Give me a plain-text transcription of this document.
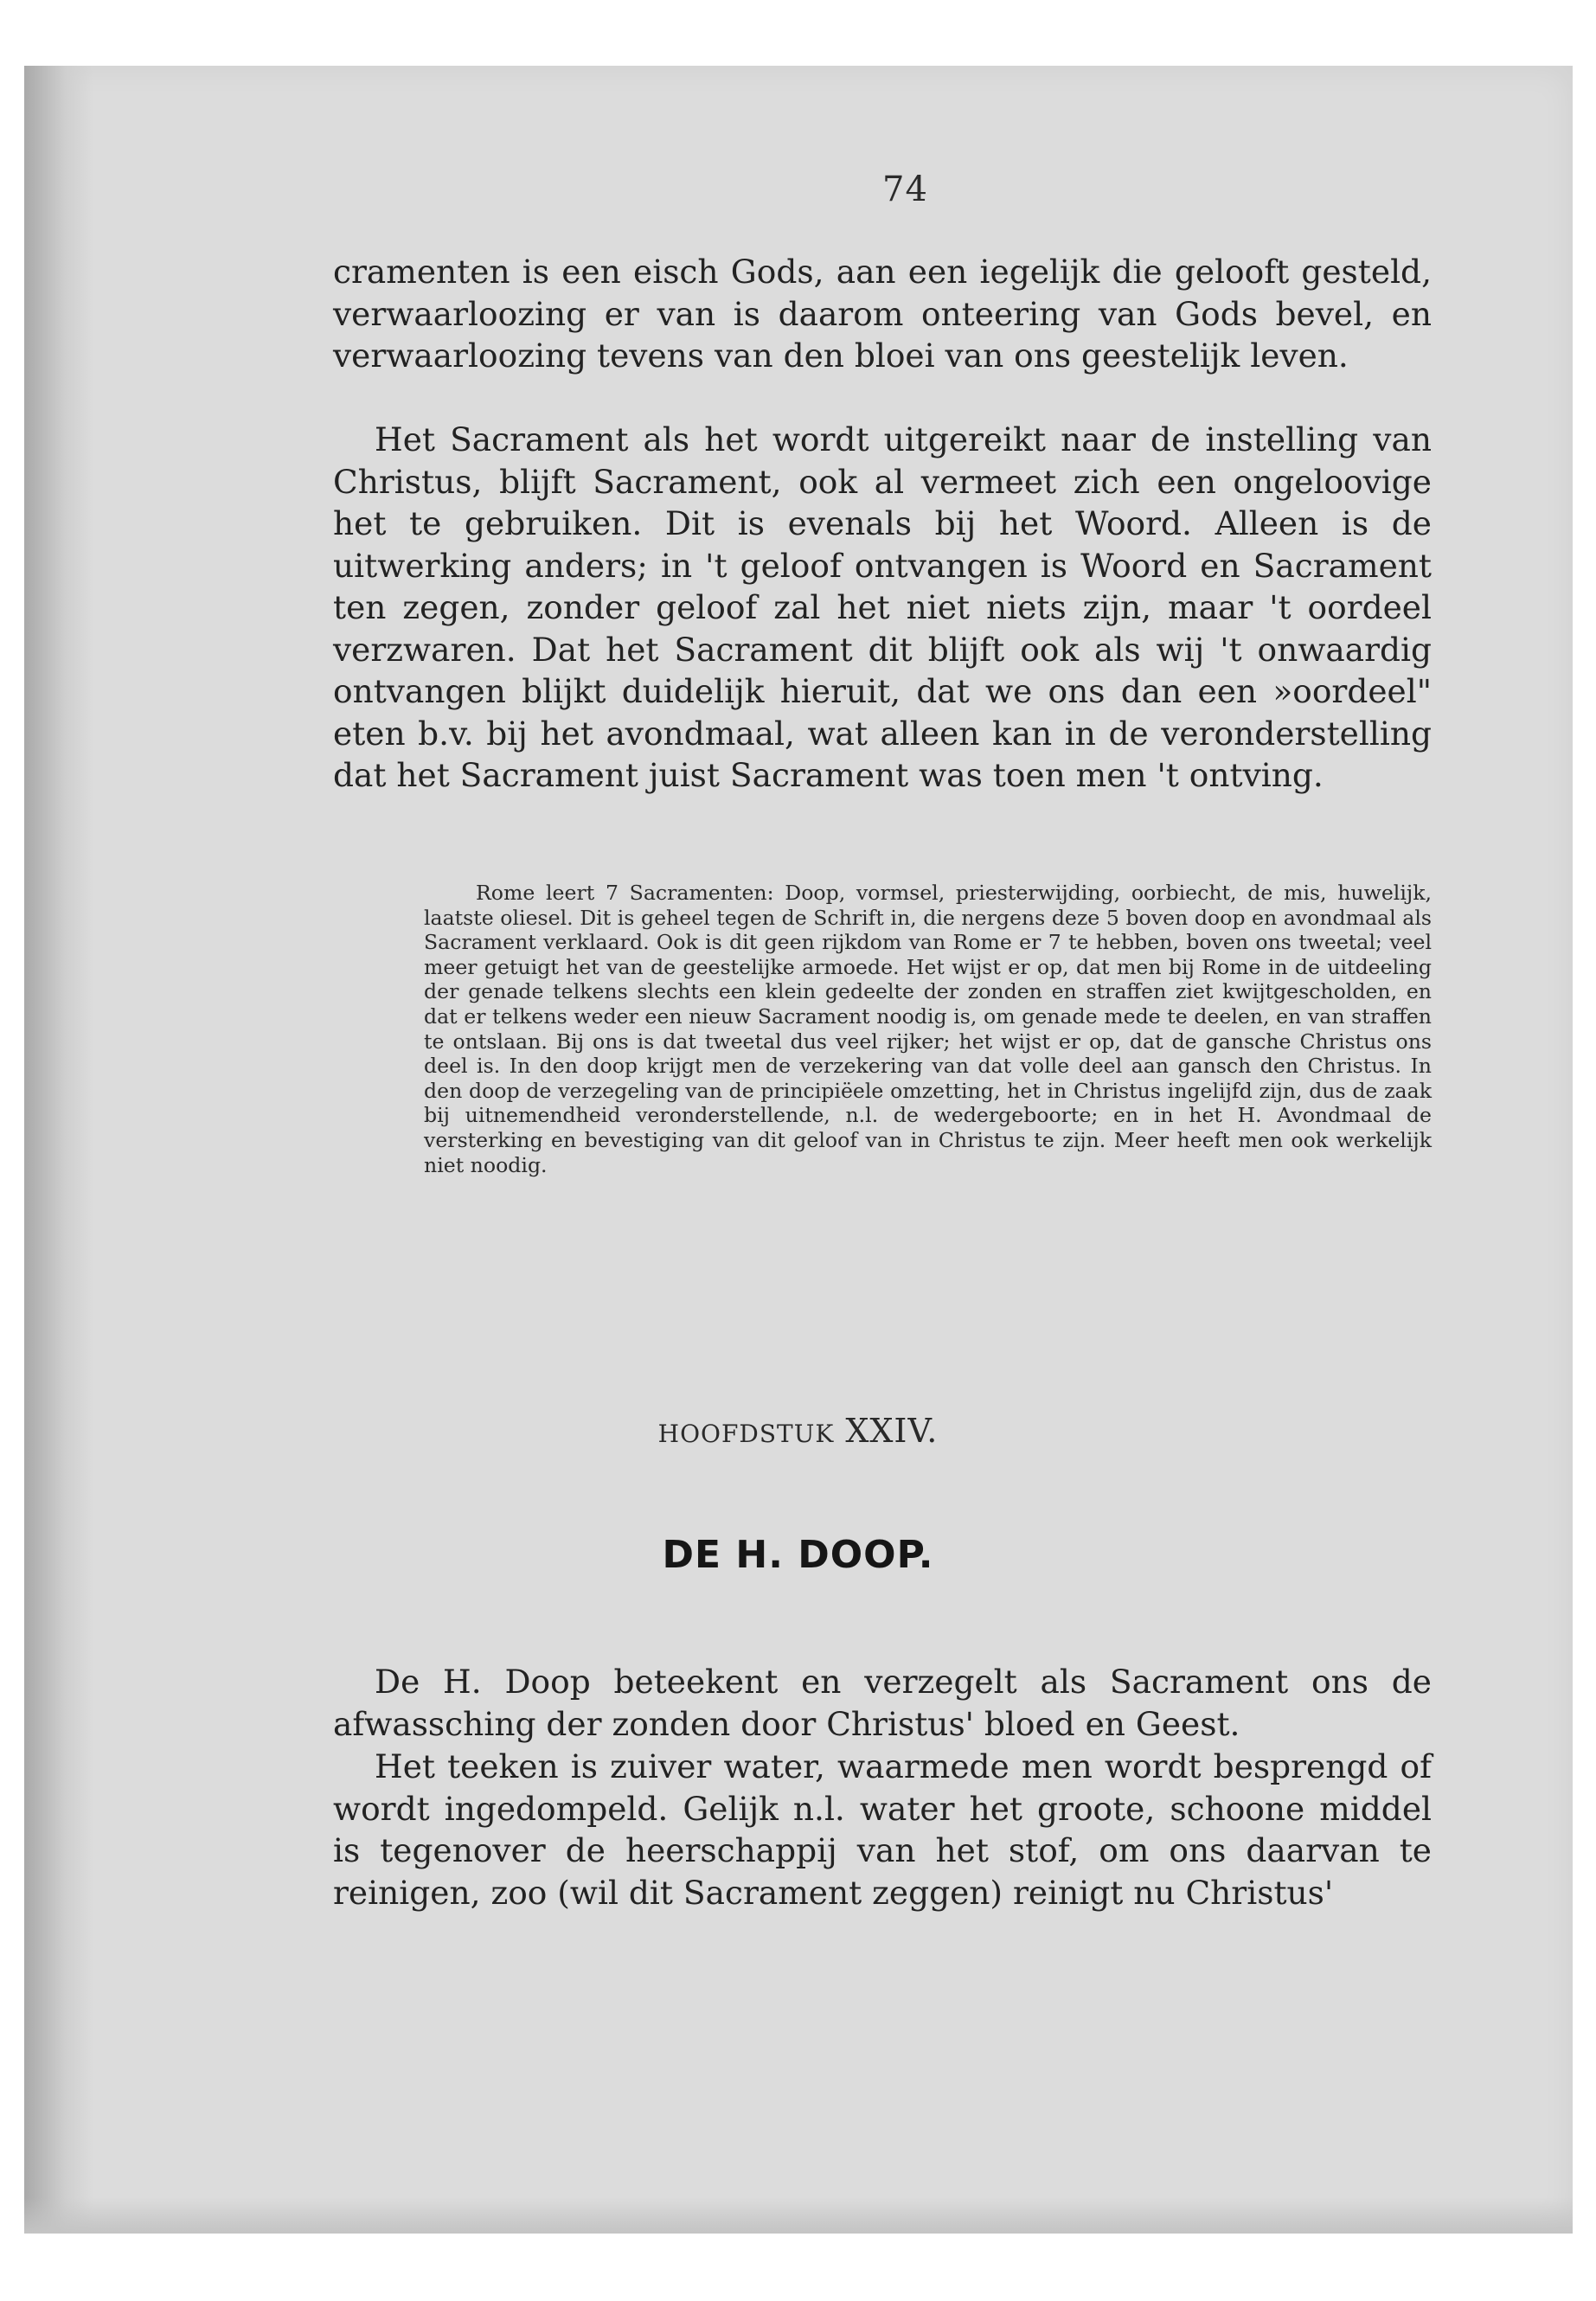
74

cramenten is een eisch Gods, aan een iegelijk die gelooft gesteld, verwaarloozing er van is daarom onteering van Gods bevel, en verwaarloozing tevens van den bloei van ons geestelijk leven.

Het Sacrament als het wordt uitgereikt naar de instelling van Christus, blijft Sacrament, ook al vermeet zich een ongeloovige het te gebruiken. Dit is evenals bij het Woord. Alleen is de uitwerking anders; in 't geloof ontvangen is Woord en Sacrament ten zegen, zonder geloof zal het niet niets zijn, maar 't oordeel verzwaren. Dat het Sacrament dit blijft ook als wij 't onwaardig ontvangen blijkt duidelijk hieruit, dat we ons dan een »oordeel" eten b.v. bij het avondmaal, wat alleen kan in de veronderstelling dat het Sacrament juist Sacrament was toen men 't ontving.

Rome leert 7 Sacramenten: Doop, vormsel, priesterwijding, oorbiecht, de mis, huwelijk, laatste oliesel. Dit is geheel tegen de Schrift in, die nergens deze 5 boven doop en avondmaal als Sacrament verklaard. Ook is dit geen rijkdom van Rome er 7 te hebben, boven ons tweetal; veel meer getuigt het van de geestelijke armoede. Het wijst er op, dat men bij Rome in de uitdeeling der genade telkens slechts een klein gedeelte der zonden en straffen ziet kwijtgescholden, en dat er telkens weder een nieuw Sacrament noodig is, om genade mede te deelen, en van straffen te ontslaan. Bij ons is dat tweetal dus veel rijker; het wijst er op, dat de gansche Christus ons deel is. In den doop krijgt men de verzekering van dat volle deel aan gansch den Christus. In den doop de verzegeling van de principiëele omzetting, het in Christus ingelijfd zijn, dus de zaak bij uitnemendheid veronderstellende, n.l. de wedergeboorte; en in het H. Avondmaal de versterking en bevestiging van dit geloof van in Christus te zijn. Meer heeft men ook werkelijk niet noodig.

HOOFDSTUK XXIV.
DE H. DOOP.

De H. Doop beteekent en verzegelt als Sacrament ons de afwassching der zonden door Christus' bloed en Geest.

Het teeken is zuiver water, waarmede men wordt besprengd of wordt ingedompeld. Gelijk n.l. water het groote, schoone middel is tegenover de heerschappij van het stof, om ons daarvan te reinigen, zoo (wil dit Sacrament zeggen) reinigt nu Christus'
